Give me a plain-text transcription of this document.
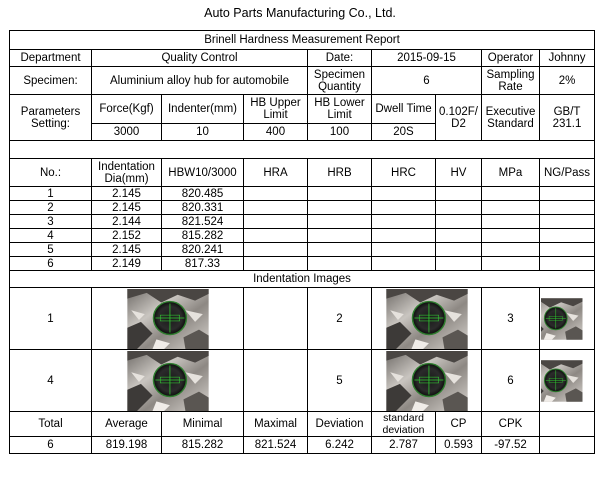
Auto Parts Manufacturing Co., Ltd.
Brinell Hardness Measurement Report								
Department	Quality Control			Date:	2015-09-15		Operator	Johnny
Specimen:	Aluminium alloy hub for automobile			Specimen Quantity	6		Sampling Rate	2%
Parameters Setting:	Force(Kgf)	Indenter(mm)	HB Upper Limit	HB Lower Limit	Dwell Time	0.102F/ D2	Executive Standard	GB/T 231.1
	3000	10	400	100	20S			

No.:	Indentation Dia(mm)	HBW10/3000	HRA	HRB	HRC	HV	MPa	NG/Pass
1	2.145	820.485						
2	2.145	820.331						
3	2.144	821.524						
4	2.152	815.282						
5	2.145	820.241						
6	2.149	817.33						
Indentation Images								
1				2			3	

4				5			6	

Total	Average	Minimal	Maximal	Deviation	standard deviation	CP	CPK	
6	819.198	815.282	821.524	6.242	2.787	0.593	-97.52	
